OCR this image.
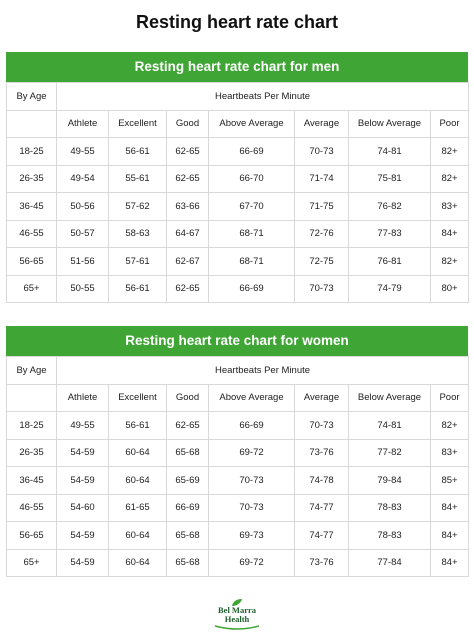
Resting heart rate chart
Resting heart rate chart for men
By Age	Heartbeats Per Minute						
	Athlete	Excellent	Good	Above Average	Average	Below Average	Poor
18-25	49-55	56-61	62-65	66-69	70-73	74-81	82+
26-35	49-54	55-61	62-65	66-70	71-74	75-81	82+
36-45	50-56	57-62	63-66	67-70	71-75	76-82	83+
46-55	50-57	58-63	64-67	68-71	72-76	77-83	84+
56-65	51-56	57-61	62-67	68-71	72-75	76-81	82+
65+	50-55	56-61	62-65	66-69	70-73	74-79	80+
Resting heart rate chart for women
By Age	Heartbeats Per Minute						
	Athlete	Excellent	Good	Above Average	Average	Below Average	Poor
18-25	49-55	56-61	62-65	66-69	70-73	74-81	82+
26-35	54-59	60-64	65-68	69-72	73-76	77-82	83+
36-45	54-59	60-64	65-69	70-73	74-78	79-84	85+
46-55	54-60	61-65	66-69	70-73	74-77	78-83	84+
56-65	54-59	60-64	65-68	69-73	74-77	78-83	84+
65+	54-59	60-64	65-68	69-72	73-76	77-84	84+
Bel Marra
Health
